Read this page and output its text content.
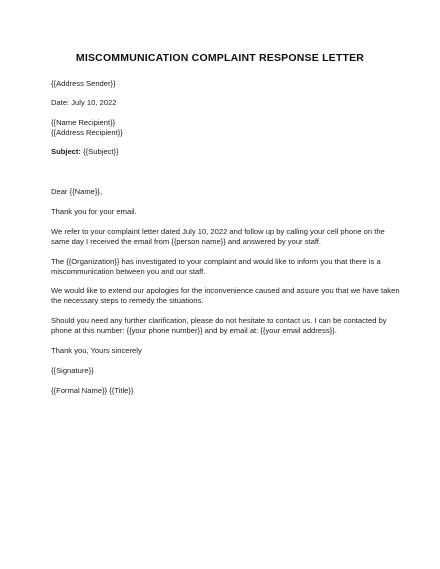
MISCOMMUNICATION COMPLAINT RESPONSE LETTER
{{Address Sender}}
Date: July 10, 2022
{{Name Recipient}}
{{Address Recipient}}
Subject: {{Subject}}
Dear {{Name}},
Thank you for your email.
We refer to your complaint letter dated July 10, 2022 and follow up by calling your cell phone on the
same day I received the email from {{person name}} and answered by your staff.
The {{Organization}} has investigated to your complaint and would like to inform you that there is a
miscommunication between you and our staff.
We would like to extend our apologies for the inconvenience caused and assure you that we have taken
the necessary steps to remedy the situations.
Should you need any further clarification, please do not hesitate to contact us. I can be contacted by
phone at this number: {{your phone number}} and by email at: {{your email address}}.
Thank you, Yours sincerely
{{Signature}}
{{Formal Name}} {{Title}}
